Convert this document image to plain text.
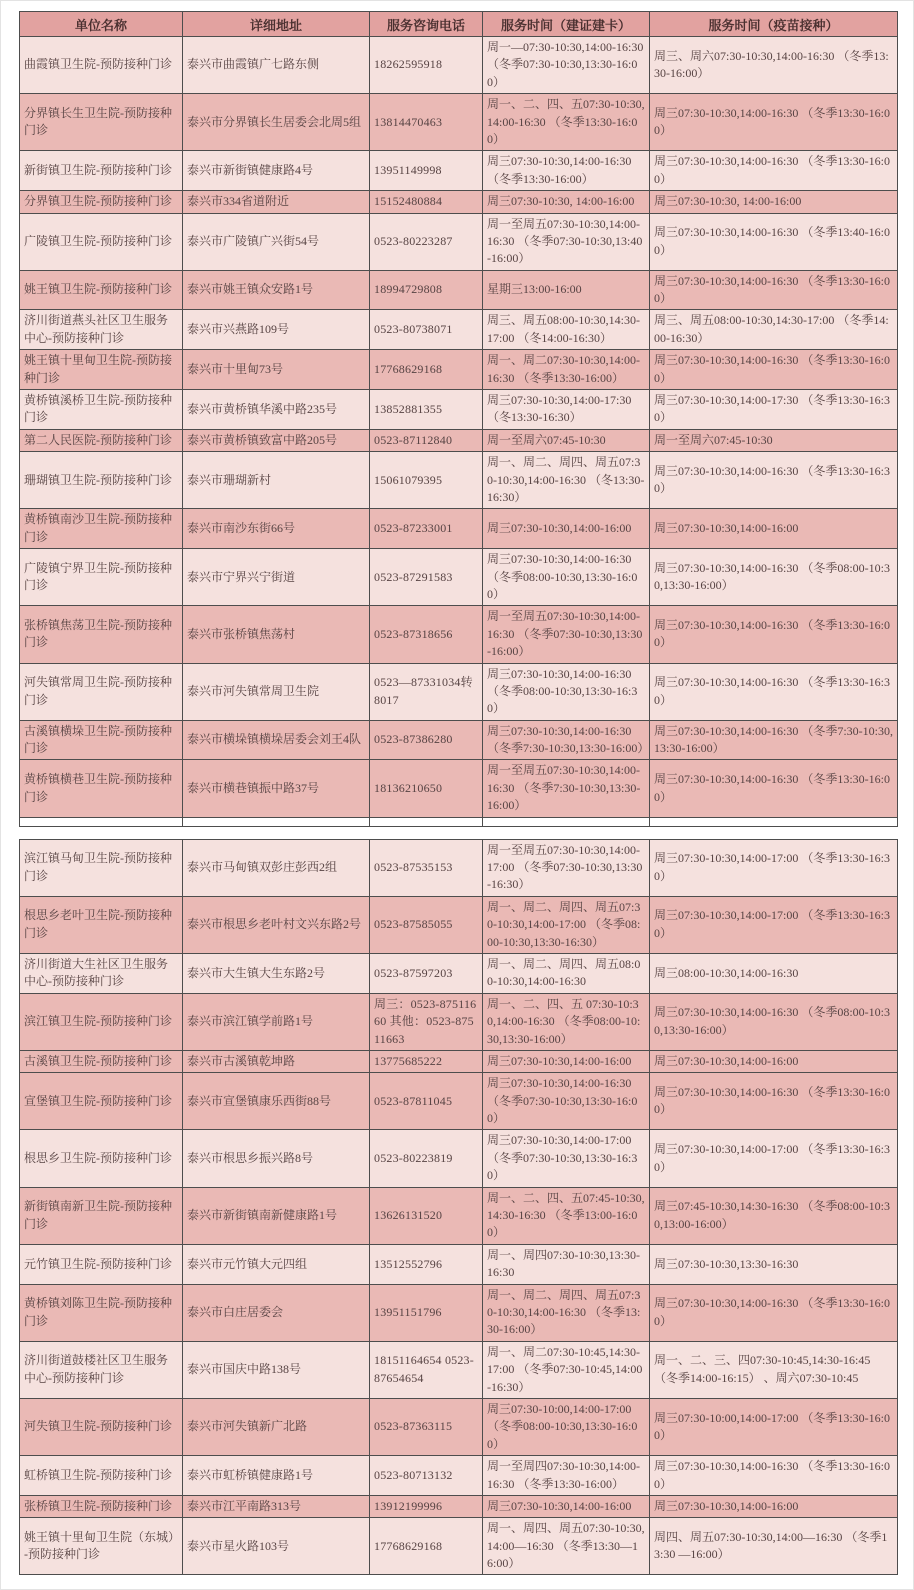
单位名称	详细地址	服务咨询电话	服务时间（建证建卡）	服务时间（疫苗接种）
曲霞镇卫生院-预防接种门诊	泰兴市曲霞镇广七路东侧	18262595918	周一—07:30-10:30,14:00-16:30 （冬季07:30-10:30,13:30-16:00）	周三、周六07:30-10:30,14:00-16:30 （冬季13:30-16:00）
分界镇长生卫生院-预防接种门诊	泰兴市分界镇长生居委会北周5组	13814470463	周一、二、四、五07:30-10:30,14:00-16:30 （冬季13:30-16:00）	周三07:30-10:30,14:00-16:30 （冬季13:30-16:00）
新街镇卫生院-预防接种门诊	泰兴市新街镇健康路4号	13951149998	周三07:30-10:30,14:00-16:30 （冬季13:30-16:00）	周三07:30-10:30,14:00-16:30 （冬季13:30-16:00）
分界镇卫生院-预防接种门诊	泰兴市334省道附近	15152480884	周三07:30-10:30, 14:00-16:00	周三07:30-10:30, 14:00-16:00
广陵镇卫生院-预防接种门诊	泰兴市广陵镇广兴街54号	0523-80223287	周一至周五07:30-10:30,14:00-16:30 （冬季07:30-10:30,13:40-16:00）	周三07:30-10:30,14:00-16:30 （冬季13:40-16:00）
姚王镇卫生院-预防接种门诊	泰兴市姚王镇众安路1号	18994729808	星期三13:00-16:00	周三07:30-10:30,14:00-16:30 （冬季13:30-16:00）
济川街道燕头社区卫生服务中心-预防接种门诊	泰兴市兴燕路109号	0523-80738071	周三、周五08:00-10:30,14:30-17:00 （冬14:00-16:30）	周三、周五08:00-10:30,14:30-17:00 （冬季14:00-16:30）
姚王镇十里甸卫生院-预防接种门诊	泰兴市十里甸73号	17768629168	周一、周二07:30-10:30,14:00-16:30 （冬季13:30-16:00）	周三07:30-10:30,14:00-16:30 （冬季13:30-16:00）
黄桥镇溪桥卫生院-预防接种门诊	泰兴市黄桥镇华溪中路235号	13852881355	周三07:30-10:30,14:00-17:30 （冬13:30-16:30）	周三07:30-10:30,14:00-17:30 （冬季13:30-16:30）
第二人民医院-预防接种门诊	泰兴市黄桥镇致富中路205号	0523-87112840	周一至周六07:45-10:30	周一至周六07:45-10:30
珊瑚镇卫生院-预防接种门诊	泰兴市珊瑚新村	15061079395	周一、周二、周四、周五07:30-10:30,14:00-16:30 （冬13:30-16:30）	周三07:30-10:30,14:00-16:30 （冬季13:30-16:30）
黄桥镇南沙卫生院-预防接种门诊	泰兴市南沙东街66号	0523-87233001	周三07:30-10:30,14:00-16:00	周三07:30-10:30,14:00-16:00
广陵镇宁界卫生院-预防接种门诊	泰兴市宁界兴宁街道	0523-87291583	周三07:30-10:30,14:00-16:30 （冬季08:00-10:30,13:30-16:00）	周三07:30-10:30,14:00-16:30 （冬季08:00-10:30,13:30-16:00）
张桥镇焦荡卫生院-预防接种门诊	泰兴市张桥镇焦荡村	0523-87318656	周一至周五07:30-10:30,14:00-16:30 （冬季07:30-10:30,13:30-16:00）	周三07:30-10:30,14:00-16:30 （冬季13:30-16:00）
河失镇常周卫生院-预防接种门诊	泰兴市河失镇常周卫生院	0523—87331034转8017	周三07:30-10:30,14:00-16:30 （冬季08:00-10:30,13:30-16:30）	周三07:30-10:30,14:00-16:30 （冬季13:30-16:30）
古溪镇横垛卫生院-预防接种门诊	泰兴市横垛镇横垛居委会刘王4队	0523-87386280	周三07:30-10:30,14:00-16:30 （冬季7:30-10:30,13:30-16:00）	周三07:30-10:30,14:00-16:30 （冬季7:30-10:30,13:30-16:00）
黄桥镇横巷卫生院-预防接种门诊	泰兴市横巷镇振中路37号	18136210650	周一至周五07:30-10:30,14:00-16:30 （冬季7:30-10:30,13:30-16:00）	周三07:30-10:30,14:00-16:30 （冬季13:30-16:00）

滨江镇马甸卫生院-预防接种门诊	泰兴市马甸镇双彭庄彭西2组	0523-87535153	周一至周五07:30-10:30,14:00-17:00 （冬季07:30-10:30,13:30-16:30）	周三07:30-10:30,14:00-17:00 （冬季13:30-16:30）
根思乡老叶卫生院-预防接种门诊	泰兴市根思乡老叶村文兴东路2号	0523-87585055	周一、周二、周四、周五07:30-10:30,14:00-17:00 （冬季08:00-10:30,13:30-16:30）	周三07:30-10:30,14:00-17:00 （冬季13:30-16:30）
济川街道大生社区卫生服务中心-预防接种门诊	泰兴市大生镇大生东路2号	0523-87597203	周一、周二、周四、周五08:00-10:30,14:00-16:30	周三08:00-10:30,14:00-16:30
滨江镇卫生院-预防接种门诊	泰兴市滨江镇学前路1号	周三：0523-87511660 其他：0523-87511663	周一、二、四、五 07:30-10:30,14:00-16:30 （冬季08:00-10:30,13:30-16:00）	周三07:30-10:30,14:00-16:30 （冬季08:00-10:30,13:30-16:00）
古溪镇卫生院-预防接种门诊	泰兴市古溪镇乾坤路	13775685222	周三07:30-10:30,14:00-16:00	周三07:30-10:30,14:00-16:00
宣堡镇卫生院-预防接种门诊	泰兴市宣堡镇康乐西街88号	0523-87811045	周三07:30-10:30,14:00-16:30 （冬季07:30-10:30,13:30-16:00）	周三07:30-10:30,14:00-16:30 （冬季13:30-16:00）
根思乡卫生院-预防接种门诊	泰兴市根思乡振兴路8号	0523-80223819	周三07:30-10:30,14:00-17:00 （冬季07:30-10:30,13:30-16:30）	周三07:30-10:30,14:00-17:00 （冬季13:30-16:30）
新街镇南新卫生院-预防接种门诊	泰兴市新街镇南新健康路1号	13626131520	周一、二、四、五07:45-10:30,14:30-16:30 （冬季13:00-16:00）	周三07:45-10:30,14:30-16:30 （冬季08:00-10:30,13:00-16:00）
元竹镇卫生院-预防接种门诊	泰兴市元竹镇大元四组	13512552796	周一、周四07:30-10:30,13:30-16:30	周三07:30-10:30,13:30-16:30
黄桥镇刘陈卫生院-预防接种门诊	泰兴市白庄居委会	13951151796	周一、周二、周四、周五07:30-10:30,14:00-16:30 （冬季13:30-16:00）	周三07:30-10:30,14:00-16:30 （冬季13:30-16:00）
济川街道鼓楼社区卫生服务中心-预防接种门诊	泰兴市国庆中路138号	18151164654 0523-87654654	周一、周二07:30-10:45,14:30-17:00 （冬季07:30-10:45,14:00-16:30）	周一、二、三、四07:30-10:45,14:30-16:45 （冬季14:00-16:15） 、周六07:30-10:45
河失镇卫生院-预防接种门诊	泰兴市河失镇新广北路	0523-87363115	周三07:30-10:00,14:00-17:00 （冬季08:00-10:30,13:30-16:00）	周三07:30-10:00,14:00-17:00 （冬季13:30-16:00）
虹桥镇卫生院-预防接种门诊	泰兴市虹桥镇健康路1号	0523-80713132	周一至周四07:30-10:30,14:00-16:30 （冬季13:30-16:00）	周三07:30-10:30,14:00-16:30 （冬季13:30-16:00）
张桥镇卫生院-预防接种门诊	泰兴市江平南路313号	13912199996	周三07:30-10:30,14:00-16:00	周三07:30-10:30,14:00-16:00
姚王镇十里甸卫生院（东城）-预防接种门诊	泰兴市星火路103号	17768629168	周一、周四、周五07:30-10:30,14:00—16:30 （冬季13:30—16:00）	周四、周五07:30-10:30,14:00—16:30 （冬季13:30 —16:00）
